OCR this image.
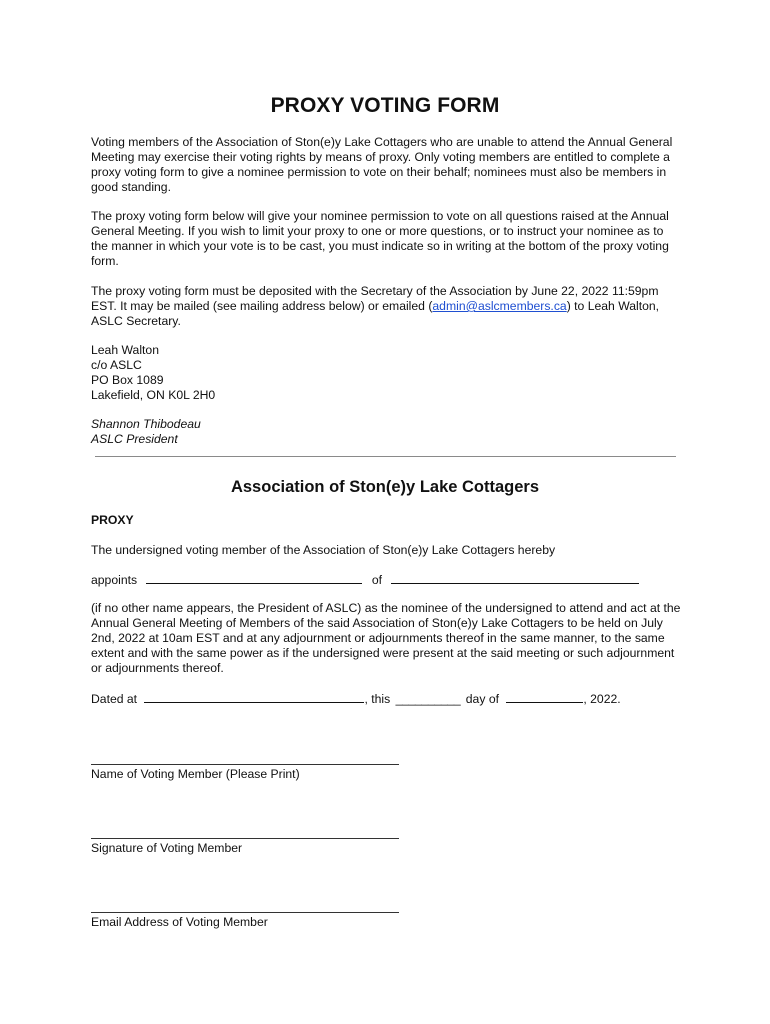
PROXY VOTING FORM

Voting members of the Association of Ston(e)y Lake Cottagers who are unable to attend the Annual General Meeting may exercise their voting rights by means of proxy. Only voting members are entitled to complete a proxy voting form to give a nominee permission to vote on their behalf; nominees must also be members in good standing.

The proxy voting form below will give your nominee permission to vote on all questions raised at the Annual General Meeting. If you wish to limit your proxy to one or more questions, or to instruct your nominee as to the manner in which your vote is to be cast, you must indicate so in writing at the bottom of the proxy voting form.

The proxy voting form must be deposited with the Secretary of the Association by June 22, 2022 11:59pm EST. It may be mailed (see mailing address below) or emailed (admin@aslcmembers.ca) to Leah Walton, ASLC Secretary.

Leah Walton
c/o ASLC
PO Box 1089
Lakefield, ON K0L 2H0
Shannon Thibodeau
ASLC President
Association of Ston(e)y Lake Cottagers
PROXY
The undersigned voting member of the Association of Ston(e)y Lake Cottagers hereby
appoints	of

(if no other name appears, the President of ASLC) as the nominee of the undersigned to attend and act at the Annual General Meeting of Members of the said Association of Ston(e)y Lake Cottagers to be held on July 2nd, 2022 at 10am EST and at any adjournment or adjournments thereof in the same manner, to the same extent and with the same power as if the undersigned were present at the said meeting or such adjournment or adjournments thereof.

Dated at	, this __________ day of	, 2022.
Name of Voting Member (Please Print)
Signature of Voting Member
Email Address of Voting Member
